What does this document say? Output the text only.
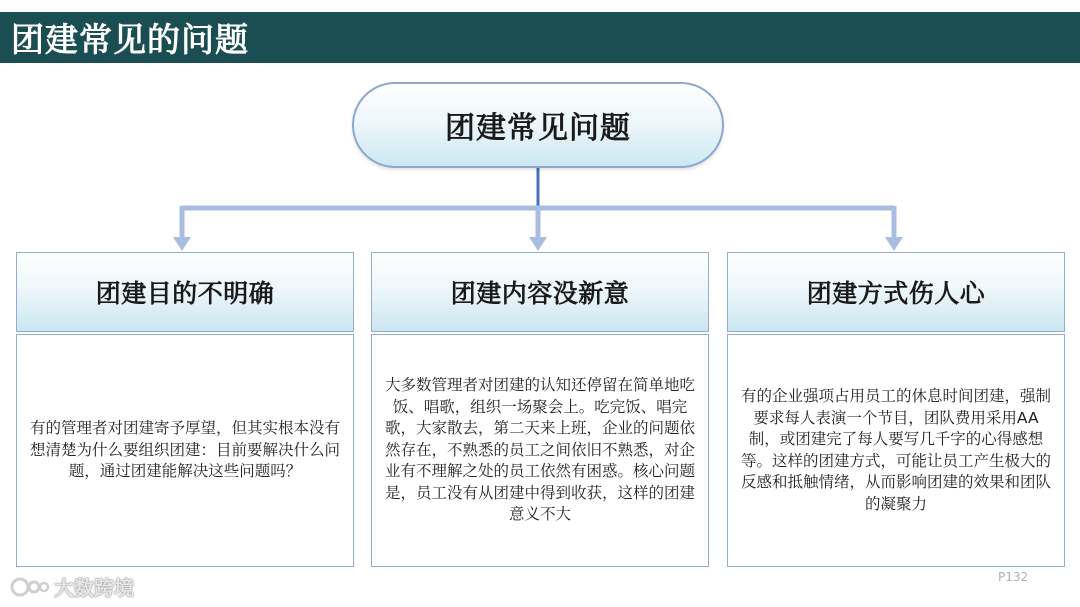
团建常见的问题
团建常见问题
团建目的不明确

有的管理者对团建寄予厚望，但其实根本没有想清楚为什么要组织团建：目前要解决什么问题，通过团建能解决这些问题吗？

团建内容没新意

大多数管理者对团建的认知还停留在简单地吃饭、唱歌，组织一场聚会上。吃完饭、唱完歌，大家散去，第二天来上班，企业的问题依然存在，不熟悉的员工之间依旧不熟悉，对企业有不理解之处的员工依然有困惑。核心问题是，员工没有从团建中得到收获，这样的团建意义不大

团建方式伤人心

有的企业强项占用员工的休息时间团建，强制要求每人表演一个节目，团队费用采用AA制，或团建完了每人要写几千字的心得感想等。这样的团建方式，可能让员工产生极大的反感和抵触情绪，从而影响团建的效果和团队的凝聚力

大数跨境	P132
